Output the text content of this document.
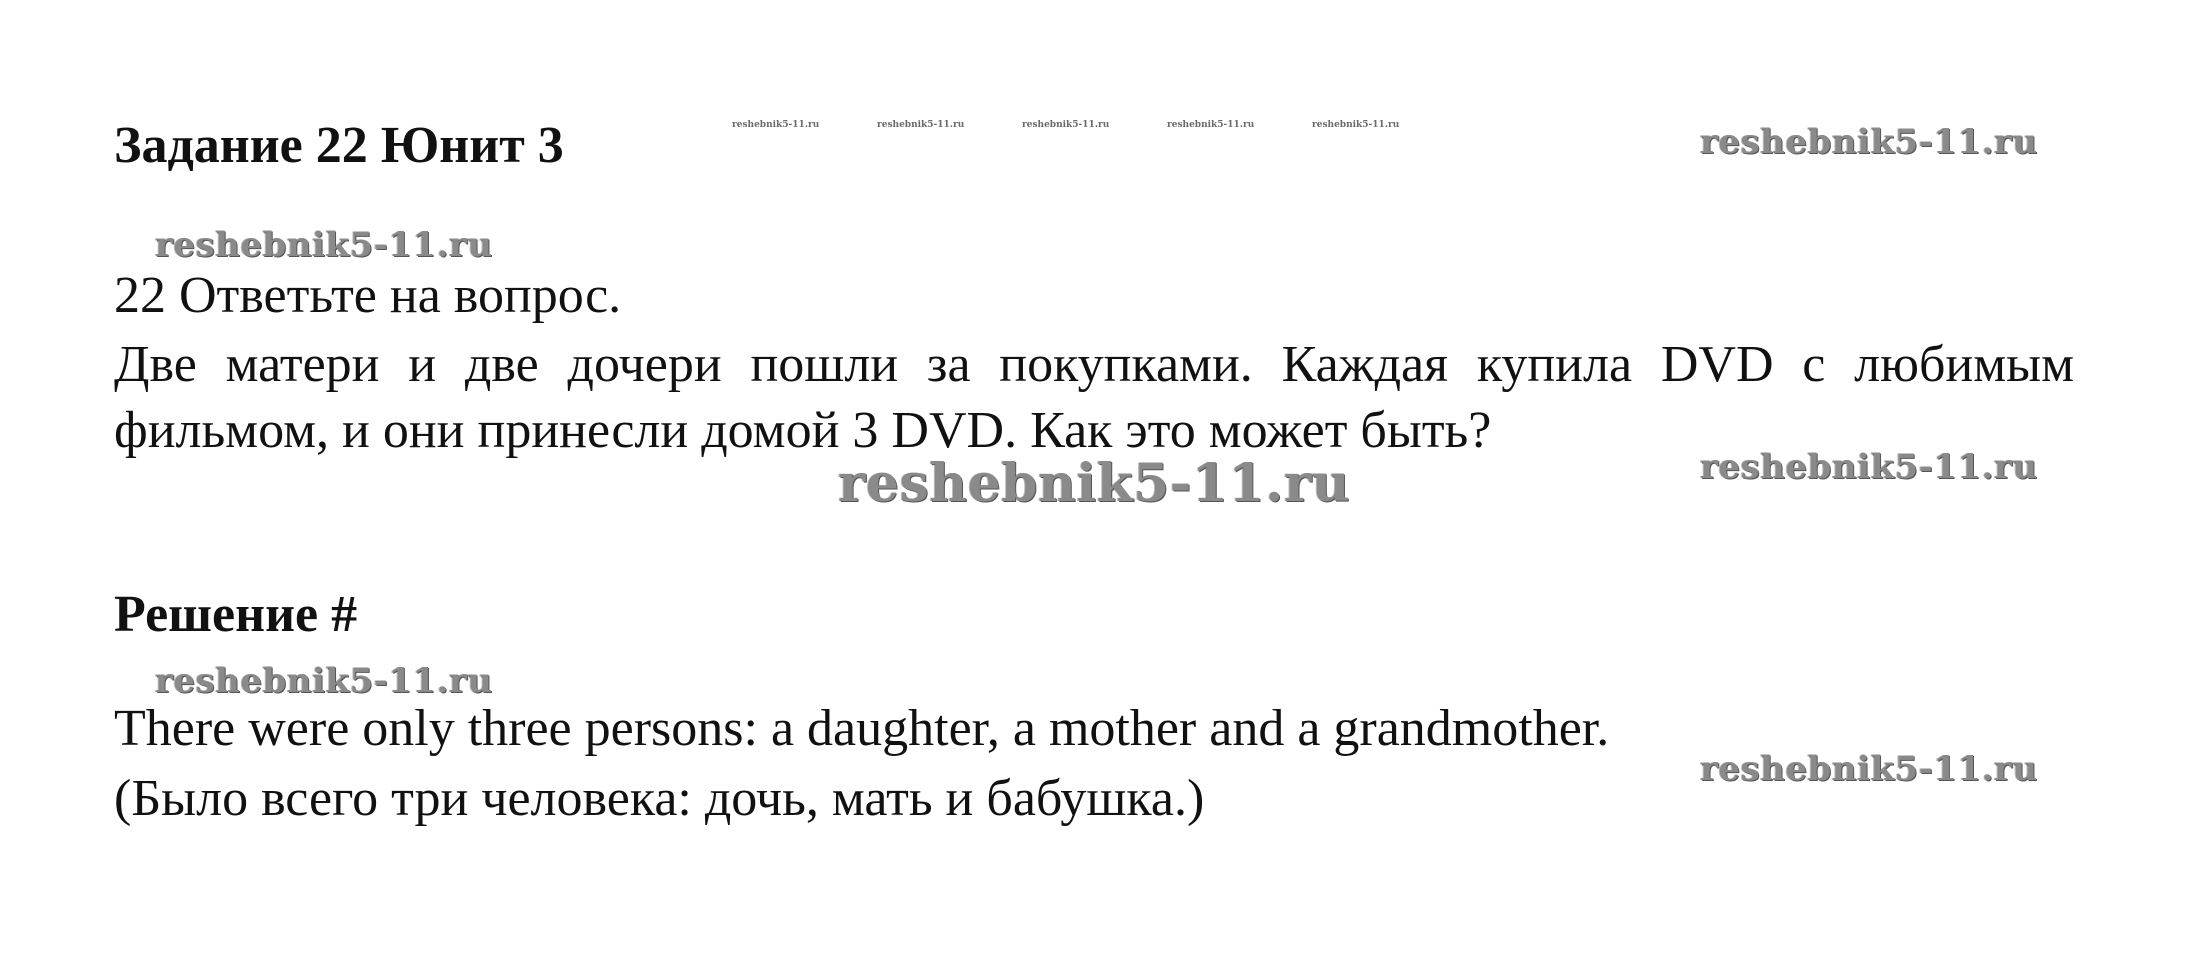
Задание 22 Юнит 3	reshebnik5-11.ru	reshebnik5-11.ru	reshebnik5-11.ru	reshebnik5-11.ru	reshebnik5-11.ru	reshebnik5-11.ru
reshebnik5-11.ru
22 Ответьте на вопрос.
Две матери и две дочери пошли за покупками. Каждая купила DVD с любимым фильмом, и они принесли домой 3 DVD. Как это может быть?
reshebnik5-11.ru	reshebnik5-11.ru
Решение #
reshebnik5-11.ru
There were only three persons: a daughter, a mother and a grandmother.
reshebnik5-11.ru
(Было всего три человека: дочь, мать и бабушка.)
